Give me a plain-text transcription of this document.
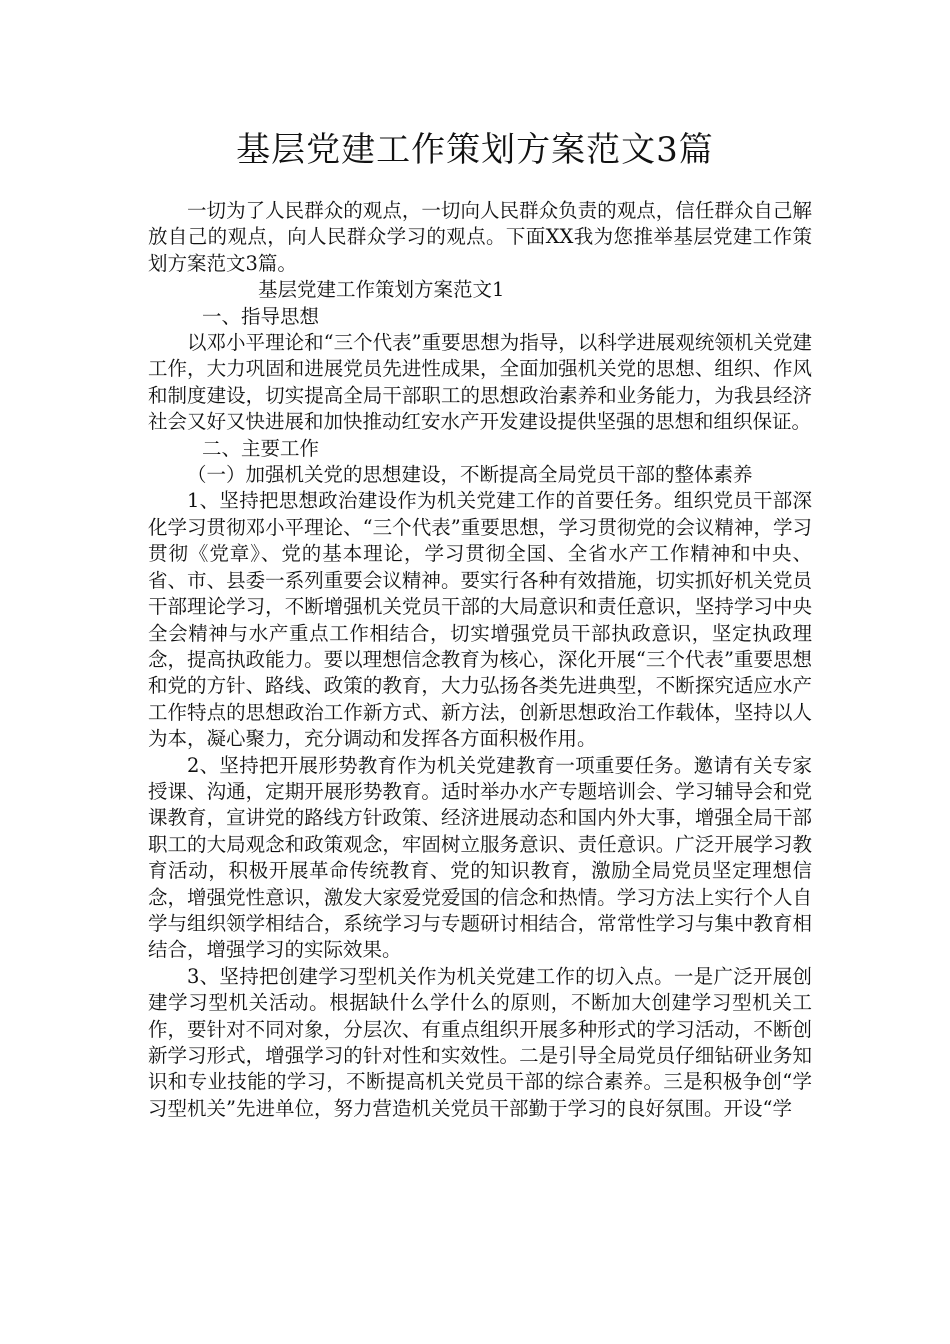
基层党建工作策划方案范文3篇

一切为了人民群众的观点，一切向人民群众负责的观点，信任群众自己解放自己的观点，向人民群众学习的观点。下面XX我为您推举基层党建工作策划方案范文3篇。

基层党建工作策划方案范文1

一、指导思想

以邓小平理论和“三个代表”重要思想为指导，以科学进展观统领机关党建工作，大力巩固和进展党员先进性成果，全面加强机关党的思想、组织、作风和制度建设，切实提高全局干部职工的思想政治素养和业务能力，为我县经济社会又好又快进展和加快推动红安水产开发建设提供坚强的思想和组织保证。

二、主要工作

（一）加强机关党的思想建设，不断提高全局党员干部的整体素养

1、坚持把思想政治建设作为机关党建工作的首要任务。组织党员干部深化学习贯彻邓小平理论、“三个代表”重要思想，学习贯彻党的会议精神，学习贯彻《党章》、党的基本理论，学习贯彻全国、全省水产工作精神和中央、省、市、县委一系列重要会议精神。要实行各种有效措施，切实抓好机关党员干部理论学习，不断增强机关党员干部的大局意识和责任意识，坚持学习中央全会精神与水产重点工作相结合，切实增强党员干部执政意识，坚定执政理念，提高执政能力。要以理想信念教育为核心，深化开展“三个代表”重要思想和党的方针、路线、政策的教育，大力弘扬各类先进典型，不断探究适应水产工作特点的思想政治工作新方式、新方法，创新思想政治工作载体，坚持以人为本，凝心聚力，充分调动和发挥各方面积极作用。

2、坚持把开展形势教育作为机关党建教育一项重要任务。邀请有关专家授课、沟通，定期开展形势教育。适时举办水产专题培训会、学习辅导会和党课教育，宣讲党的路线方针政策、经济进展动态和国内外大事，增强全局干部职工的大局观念和政策观念，牢固树立服务意识、责任意识。广泛开展学习教育活动，积极开展革命传统教育、党的知识教育，激励全局党员坚定理想信念，增强党性意识，激发大家爱党爱国的信念和热情。学习方法上实行个人自学与组织领学相结合，系统学习与专题研讨相结合，常常性学习与集中教育相结合，增强学习的实际效果。

3、坚持把创建学习型机关作为机关党建工作的切入点。一是广泛开展创建学习型机关活动。根据缺什么学什么的原则，不断加大创建学习型机关工作，要针对不同对象，分层次、有重点组织开展多种形式的学习活动，不断创新学习形式，增强学习的针对性和实效性。二是引导全局党员仔细钻研业务知识和专业技能的学习，不断提高机关党员干部的综合素养。三是积极争创“学习型机关”先进单位，努力营造机关党员干部勤于学习的良好氛围。开设“学
